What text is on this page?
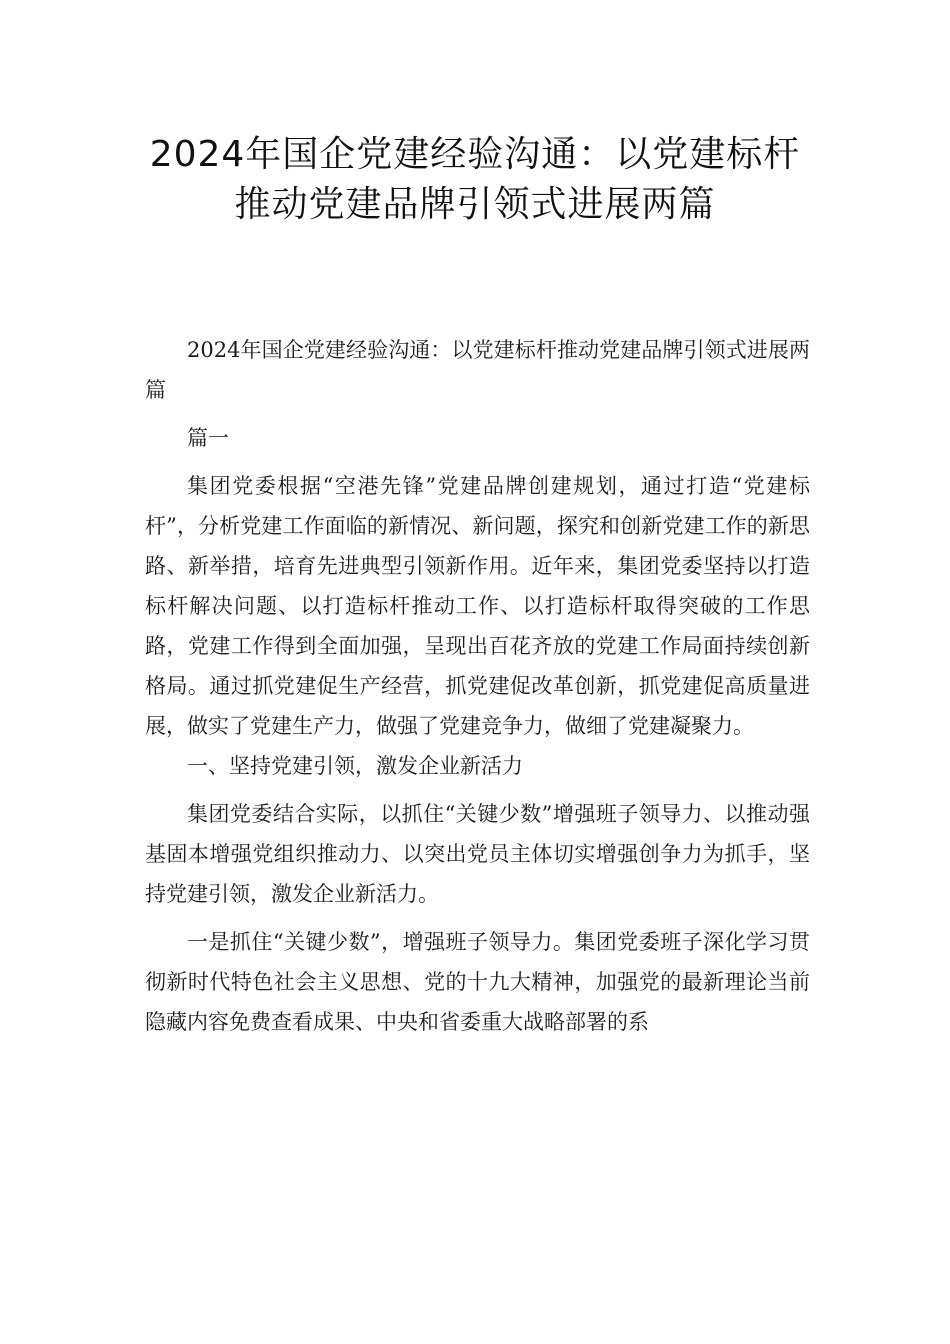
2024年国企党建经验沟通：以党建标杆
推动党建品牌引领式进展两篇

2024年国企党建经验沟通：以党建标杆推动党建品牌引领式进展两篇

篇一

集团党委根据“空港先锋”党建品牌创建规划，通过打造“党建标杆”，分析党建工作面临的新情况、新问题，探究和创新党建工作的新思路、新举措，培育先进典型引领新作用。近年来，集团党委坚持以打造标杆解决问题、以打造标杆推动工作、以打造标杆取得突破的工作思路，党建工作得到全面加强，呈现出百花齐放的党建工作局面持续创新格局。通过抓党建促生产经营，抓党建促改革创新，抓党建促高质量进展，做实了党建生产力，做强了党建竞争力，做细了党建凝聚力。

一、坚持党建引领，激发企业新活力

集团党委结合实际，以抓住“关键少数”增强班子领导力、以推动强基固本增强党组织推动力、以突出党员主体切实增强创争力为抓手，坚持党建引领，激发企业新活力。

一是抓住“关键少数”，增强班子领导力。集团党委班子深化学习贯彻新时代特色社会主义思想、党的十九大精神，加强党的最新理论当前隐藏内容免费查看成果、中央和省委重大战略部署的系
